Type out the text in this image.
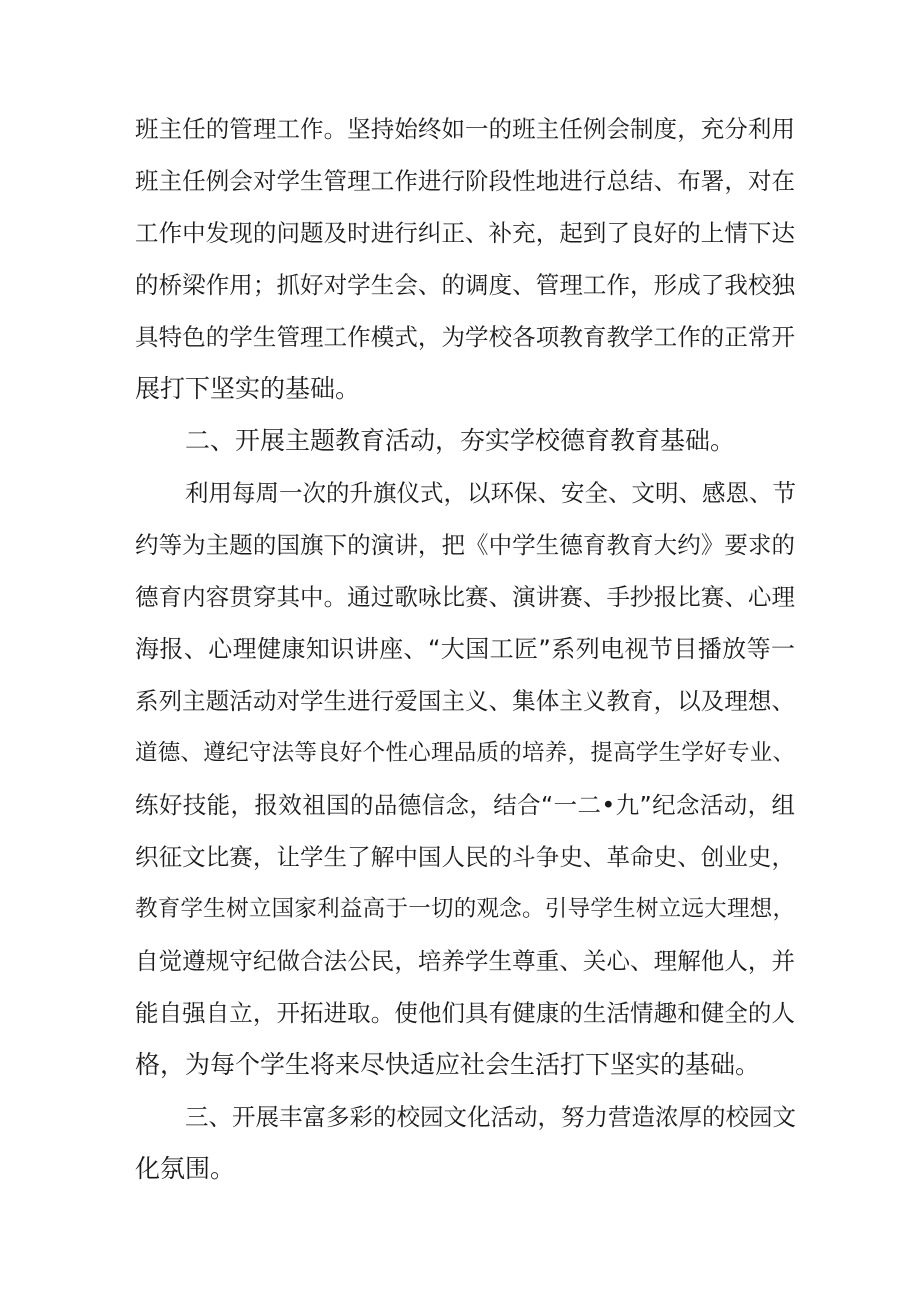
班主任的管理工作。坚持始终如一的班主任例会制度，充分利用
班主任例会对学生管理工作进行阶段性地进行总结、布署，对在
工作中发现的问题及时进行纠正、补充，起到了良好的上情下达
的桥梁作用；抓好对学生会、的调度、管理工作，形成了我校独
具特色的学生管理工作模式，为学校各项教育教学工作的正常开
展打下坚实的基础。
二、开展主题教育活动，夯实学校德育教育基础。
利用每周一次的升旗仪式，以环保、安全、文明、感恩、节
约等为主题的国旗下的演讲，把《中学生德育教育大约》要求的
德育内容贯穿其中。通过歌咏比赛、演讲赛、手抄报比赛、心理
海报、心理健康知识讲座、“大国工匠”系列电视节目播放等一
系列主题活动对学生进行爱国主义、集体主义教育，以及理想、
道德、遵纪守法等良好个性心理品质的培养，提高学生学好专业、
练好技能，报效祖国的品德信念，结合“一二•九”纪念活动，组
织征文比赛，让学生了解中国人民的斗争史、革命史、创业史，
教育学生树立国家利益高于一切的观念。引导学生树立远大理想，
自觉遵规守纪做合法公民，培养学生尊重、关心、理解他人，并
能自强自立，开拓进取。使他们具有健康的生活情趣和健全的人
格，为每个学生将来尽快适应社会生活打下坚实的基础。
三、开展丰富多彩的校园文化活动，努力营造浓厚的校园文
化氛围。
